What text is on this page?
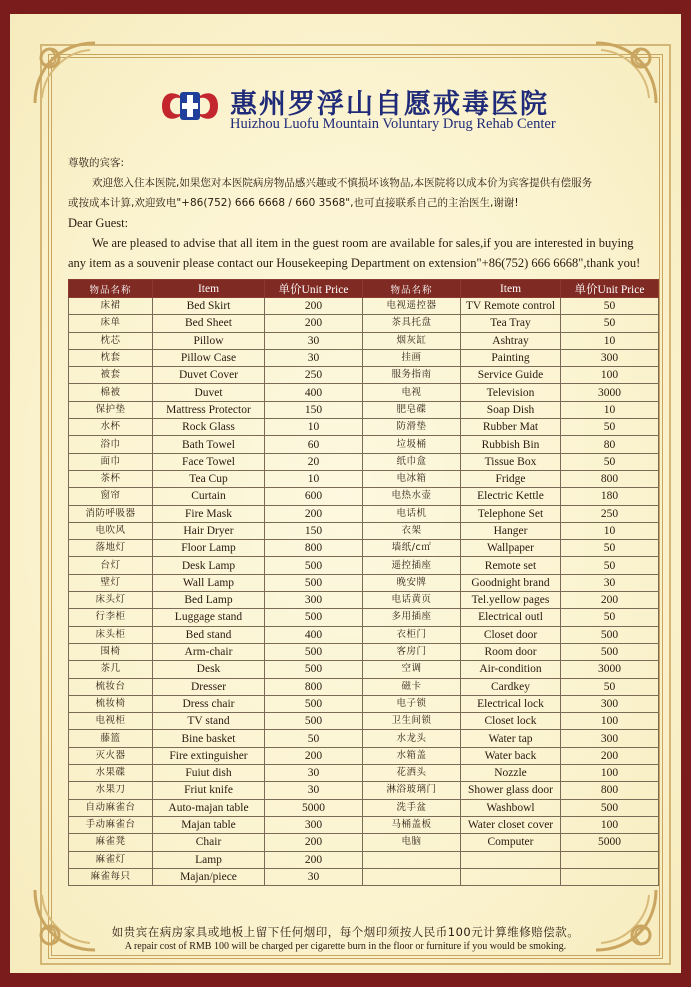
惠州罗浮山自愿戒毒医院
Huizhou Luofu Mountain Voluntary Drug Rehab Center
尊敬的宾客:
欢迎您入住本医院,如果您对本医院病房物品感兴趣或不慎损坏该物品,本医院将以成本价为宾客提供有偿服务
或按成本计算,欢迎致电"+86(752) 666 6668 / 660 3568",也可直接联系自己的主治医生,谢谢!
Dear Guest:
We are pleased to advise that all item in the guest room are available for sales,if you are interested in buying
any item as a souvenir please contact our Housekeeping Department on extension"+86(752) 666 6668",thank you!
物品名称	Item	单价Unit Price	物品名称	Item	单价Unit Price
床裙	Bed Skirt	200	电视遥控器	TV Remote control	50
床单	Bed Sheet	200	茶具托盘	Tea Tray	50
枕芯	Pillow	30	烟灰缸	Ashtray	10
枕套	Pillow Case	30	挂画	Painting	300
被套	Duvet Cover	250	服务指南	Service Guide	100
棉被	Duvet	400	电视	Television	3000
保护垫	Mattress Protector	150	肥皂碟	Soap Dish	10
水杯	Rock Glass	10	防滑垫	Rubber Mat	50
浴巾	Bath Towel	60	垃圾桶	Rubbish Bin	80
面巾	Face Towel	20	纸巾盒	Tissue Box	50
茶杯	Tea Cup	10	电冰箱	Fridge	800
窗帘	Curtain	600	电热水壶	Electric Kettle	180
消防呼吸器	Fire Mask	200	电话机	Telephone Set	250
电吹风	Hair Dryer	150	衣架	Hanger	10
落地灯	Floor Lamp	800	墙纸/c㎡	Wallpaper	50
台灯	Desk Lamp	500	遥控插座	Remote set	50
壁灯	Wall Lamp	500	晚安牌	Goodnight brand	30
床头灯	Bed Lamp	300	电话黄页	Tel.yellow pages	200
行李柜	Luggage stand	500	多用插座	Electrical outl	50
床头柜	Bed stand	400	衣柜门	Closet door	500
围椅	Arm-chair	500	客房门	Room door	500
茶几	Desk	500	空调	Air-condition	3000
梳妆台	Dresser	800	磁卡	Cardkey	50
梳妆椅	Dress chair	500	电子锁	Electrical lock	300
电视柜	TV stand	500	卫生间锁	Closet lock	100
藤篮	Bine basket	50	水龙头	Water tap	300
灭火器	Fire extinguisher	200	水箱盖	Water back	200
水果碟	Fuiut dish	30	花洒头	Nozzle	100
水果刀	Friut knife	30	淋浴玻璃门	Shower glass door	800
自动麻雀台	Auto-majan table	5000	洗手盆	Washbowl	500
手动麻雀台	Majan table	300	马桶盖板	Water closet cover	100
麻雀凳	Chair	200	电脑	Computer	5000
麻雀灯	Lamp	200			
麻雀每只	Majan/piece	30			
如贵宾在病房家具或地板上留下任何烟印，每个烟印须按人民币100元计算维修赔偿款。
A repair cost of RMB 100 will be charged per cigarette burn in the floor or furniture if you would be smoking.
